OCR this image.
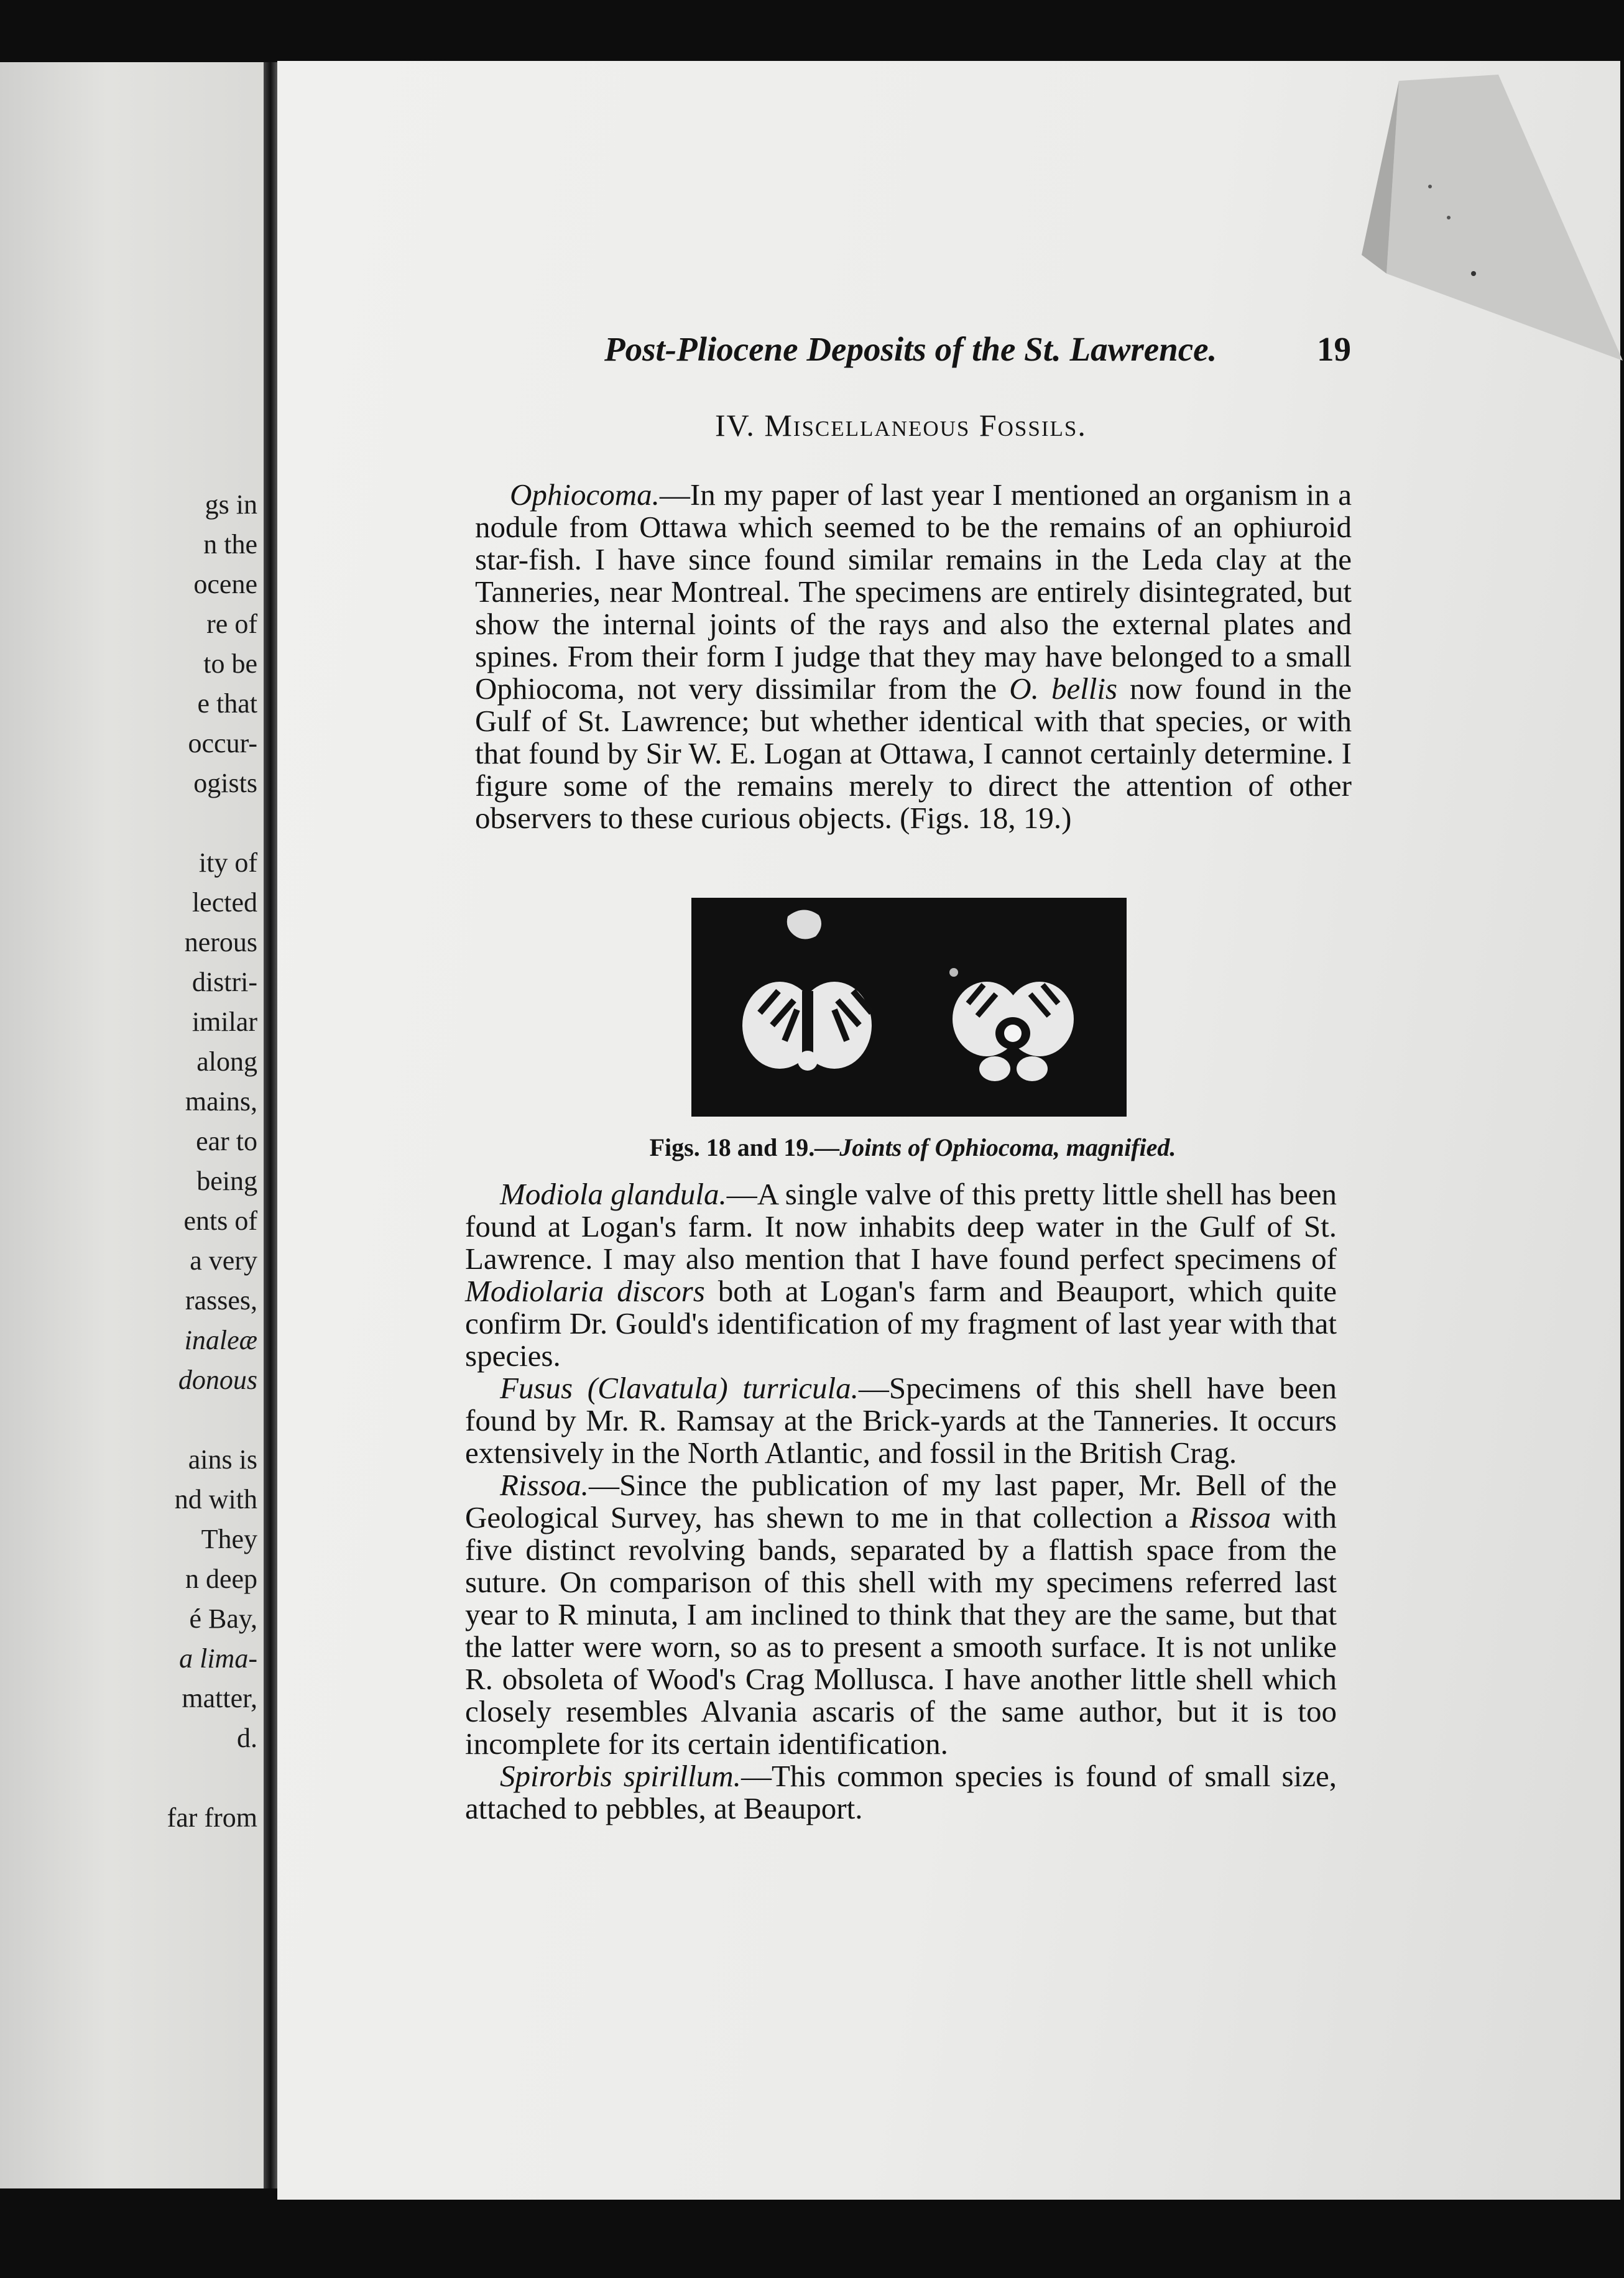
gs in
n the
ocene
re of
to be
e that
occur-
ogists
ity of
lected
nerous
distri-
imilar
along
mains,
ear to
being
ents of
a very
rasses,
inaleæ
donous
ains is
nd with
They
n deep
é Bay,
a lima-
matter,
d.
far from
Post-Pliocene Deposits of the St. Lawrence.	19
IV. Miscellaneous Fossils.

Ophiocoma.—In my paper of last year I mentioned an organism in a nodule from Ottawa which seemed to be the remains of an ophiuroid star-fish. I have since found similar remains in the Leda clay at the Tanneries, near Montreal. The specimens are entirely disintegrated, but show the internal joints of the rays and also the external plates and spines. From their form I judge that they may have belonged to a small Ophiocoma, not very dissimilar from the O. bellis now found in the Gulf of St. Lawrence; but whether identical with that species, or with that found by Sir W. E. Logan at Ottawa, I cannot certainly determine. I figure some of the remains merely to direct the attention of other observers to these curious objects. (Figs. 18, 19.)

Figs. 18 and 19.—Joints of Ophiocoma, magnified.

Modiola glandula.—A single valve of this pretty little shell has been found at Logan's farm. It now inhabits deep water in the Gulf of St. Lawrence. I may also mention that I have found perfect specimens of Modiolaria discors both at Logan's farm and Beauport, which quite confirm Dr. Gould's identification of my fragment of last year with that species.

Fusus (Clavatula) turricula.—Specimens of this shell have been found by Mr. R. Ramsay at the Brick-yards at the Tanneries. It occurs extensively in the North Atlantic, and fossil in the British Crag.

Rissoa.—Since the publication of my last paper, Mr. Bell of the Geological Survey, has shewn to me in that collection a Rissoa with five distinct revolving bands, separated by a flattish space from the suture. On comparison of this shell with my specimens referred last year to R minuta, I am inclined to think that they are the same, but that the latter were worn, so as to present a smooth surface. It is not unlike R. obsoleta of Wood's Crag Mollusca. I have another little shell which closely resembles Alvania ascaris of the same author, but it is too incomplete for its certain identification.

Spirorbis spirillum.—This common species is found of small size, attached to pebbles, at Beauport.
